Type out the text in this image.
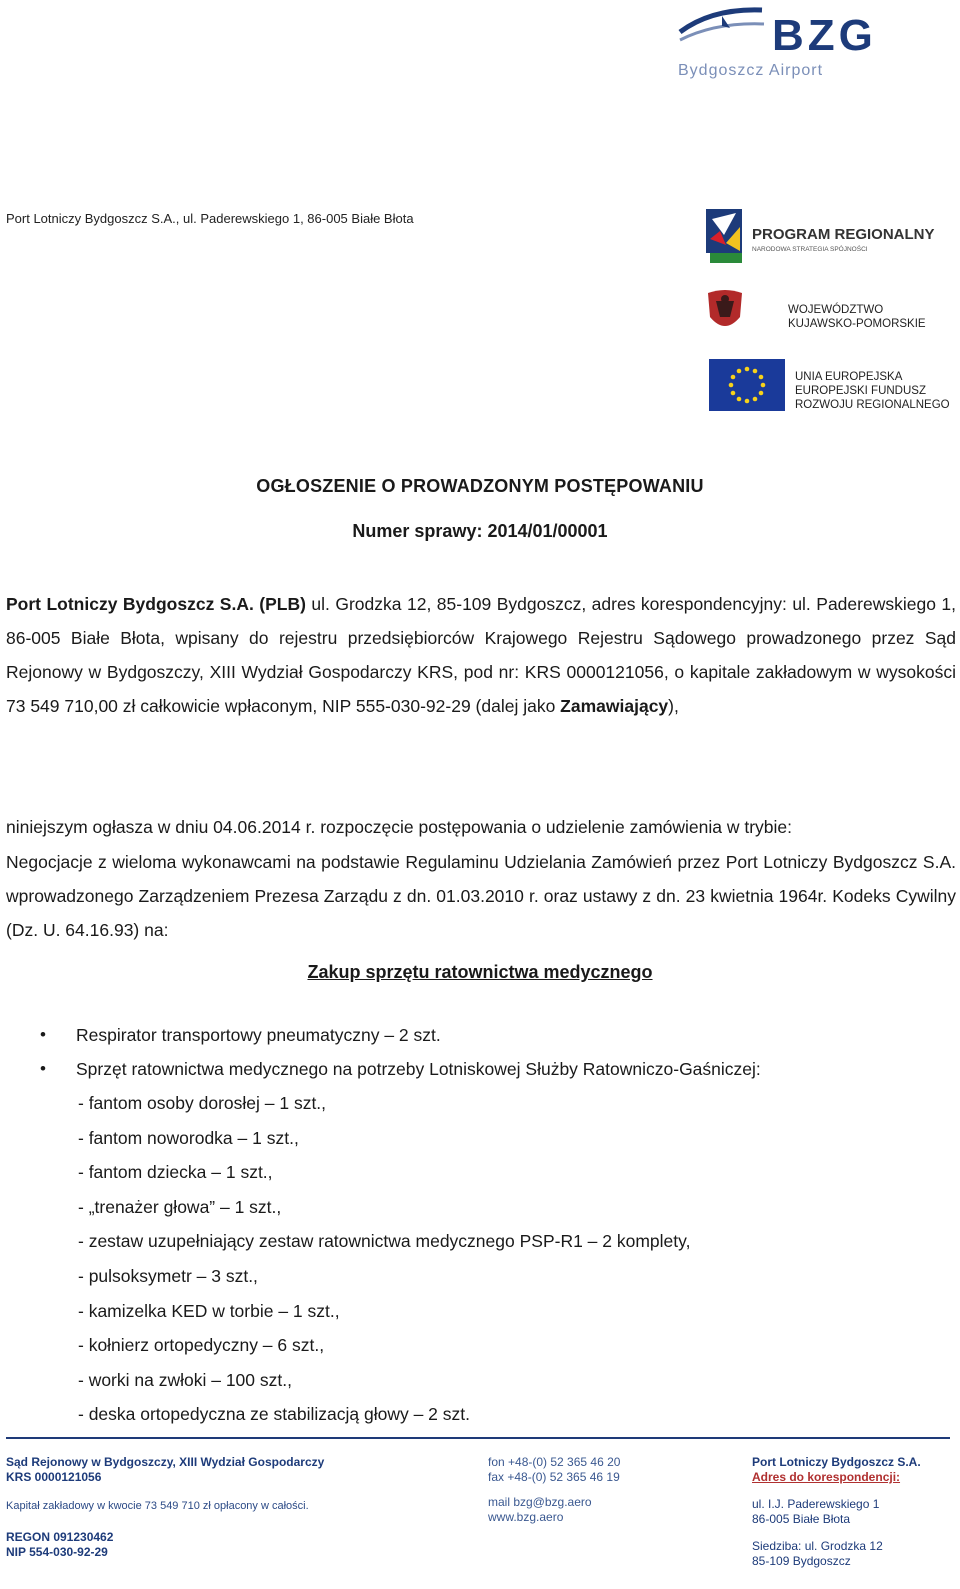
BZG
Bydgoszcz Airport
Port Lotniczy Bydgoszcz S.A., ul. Paderewskiego 1, 86-005 Białe Błota
PROGRAM REGIONALNY
NARODOWA STRATEGIA SPÓJNOŚCI
WOJEWÓDZTWO
KUJAWSKO-POMORSKIE
UNIA EUROPEJSKA
EUROPEJSKI FUNDUSZ
ROZWOJU REGIONALNEGO
OGŁOSZENIE O PROWADZONYM POSTĘPOWANIU
Numer sprawy: 2014/01/00001
Port Lotniczy Bydgoszcz S.A. (PLB) ul. Grodzka 12, 85-109 Bydgoszcz, adres korespondencyjny: ul. Paderewskiego 1, 86-005 Białe Błota, wpisany do rejestru przedsiębiorców Krajowego Rejestru Sądowego prowadzonego przez Sąd Rejonowy w Bydgoszczy, XIII Wydział Gospodarczy KRS, pod nr: KRS 0000121056, o kapitale zakładowym w wysokości 73 549 710,00 zł całkowicie wpłaconym, NIP 555-030-92-29 (dalej jako Zamawiający),
niniejszym ogłasza w dniu 04.06.2014 r. rozpoczęcie postępowania o udzielenie zamówienia w trybie:
Negocjacje z wieloma wykonawcami na podstawie Regulaminu Udzielania Zamówień przez Port Lotniczy Bydgoszcz S.A. wprowadzonego Zarządzeniem Prezesa Zarządu z dn. 01.03.2010 r. oraz ustawy z dn. 23 kwietnia 1964r. Kodeks Cywilny (Dz. U. 64.16.93) na:
Zakup sprzętu ratownictwa medycznego
• Respirator transportowy pneumatyczny – 2 szt.
• Sprzęt ratownictwa medycznego na potrzeby Lotniskowej Służby Ratowniczo-Gaśniczej:
- fantom osoby dorosłej – 1 szt.,
- fantom noworodka – 1 szt.,
- fantom dziecka – 1 szt.,
- „trenażer głowa” – 1 szt.,
- zestaw uzupełniający zestaw ratownictwa medycznego PSP-R1 – 2 komplety,
- pulsoksymetr – 3 szt.,
- kamizelka KED w torbie – 1 szt.,
- kołnierz ortopedyczny – 6 szt.,
- worki na zwłoki – 100 szt.,
- deska ortopedyczna ze stabilizacją głowy – 2 szt.
Sąd Rejonowy w Bydgoszczy, XIII Wydział Gospodarczy
KRS 0000121056
Kapitał zakładowy w kwocie 73 549 710 zł opłacony w całości.
REGON 091230462
NIP 554-030-92-29
fon +48-(0) 52 365 46 20
fax +48-(0) 52 365 46 19
mail bzg@bzg.aero
www.bzg.aero
Port Lotniczy Bydgoszcz S.A.
Adres do korespondencji:
ul. I.J. Paderewskiego 1
86-005 Białe Błota
Siedziba: ul. Grodzka 12
85-109 Bydgoszcz
